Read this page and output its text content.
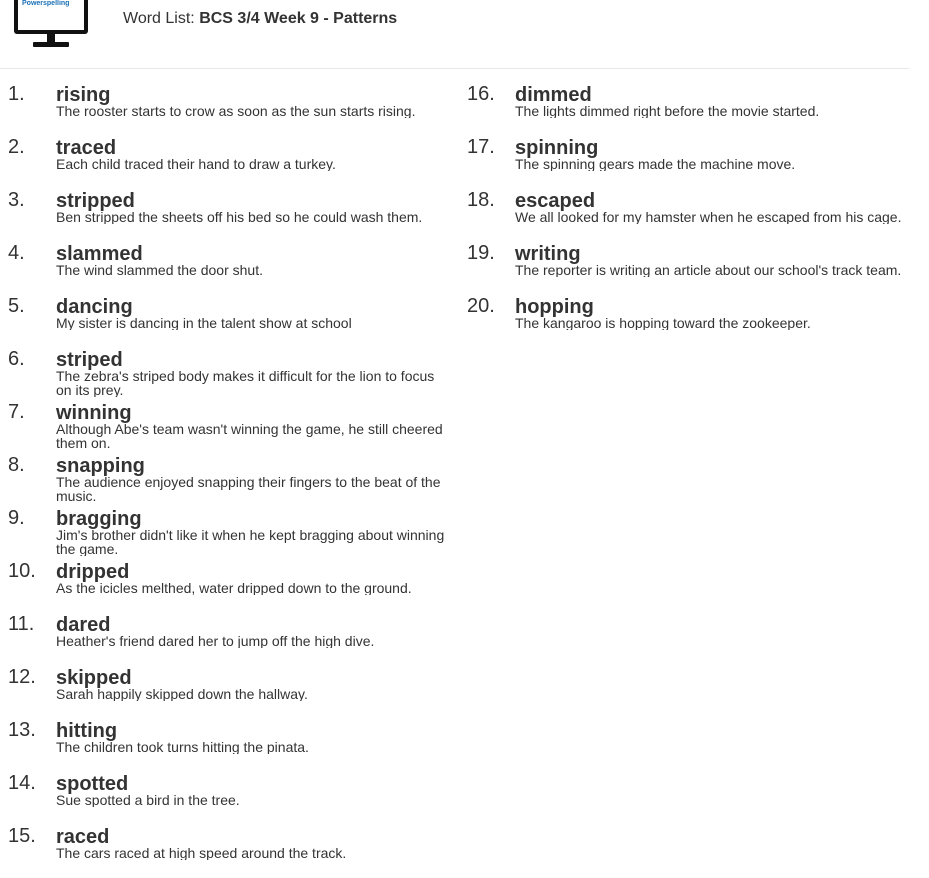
Powerspelling
Word List: BCS 3/4 Week 9 - Patterns
1. rising
The rooster starts to crow as soon as the sun starts rising.
2. traced
Each child traced their hand to draw a turkey.
3. stripped
Ben stripped the sheets off his bed so he could wash them.
4. slammed
The wind slammed the door shut.
5. dancing
My sister is dancing in the talent show at school
6. striped
The zebra's striped body makes it difficult for the lion to focus on its prey.
7. winning
Although Abe's team wasn't winning the game, he still cheered them on.
8. snapping
The audience enjoyed snapping their fingers to the beat of the music.
9. bragging
Jim's brother didn't like it when he kept bragging about winning the game.
10. dripped
As the icicles melthed, water dripped down to the ground.
11. dared
Heather's friend dared her to jump off the high dive.
12. skipped
Sarah happily skipped down the hallway.
13. hitting
The children took turns hitting the pinata.
14. spotted
Sue spotted a bird in the tree.
15. raced
The cars raced at high speed around the track.
16. dimmed
The lights dimmed right before the movie started.
17. spinning
The spinning gears made the machine move.
18. escaped
We all looked for my hamster when he escaped from his cage.
19. writing
The reporter is writing an article about our school's track team.
20. hopping
The kangaroo is hopping toward the zookeeper.
